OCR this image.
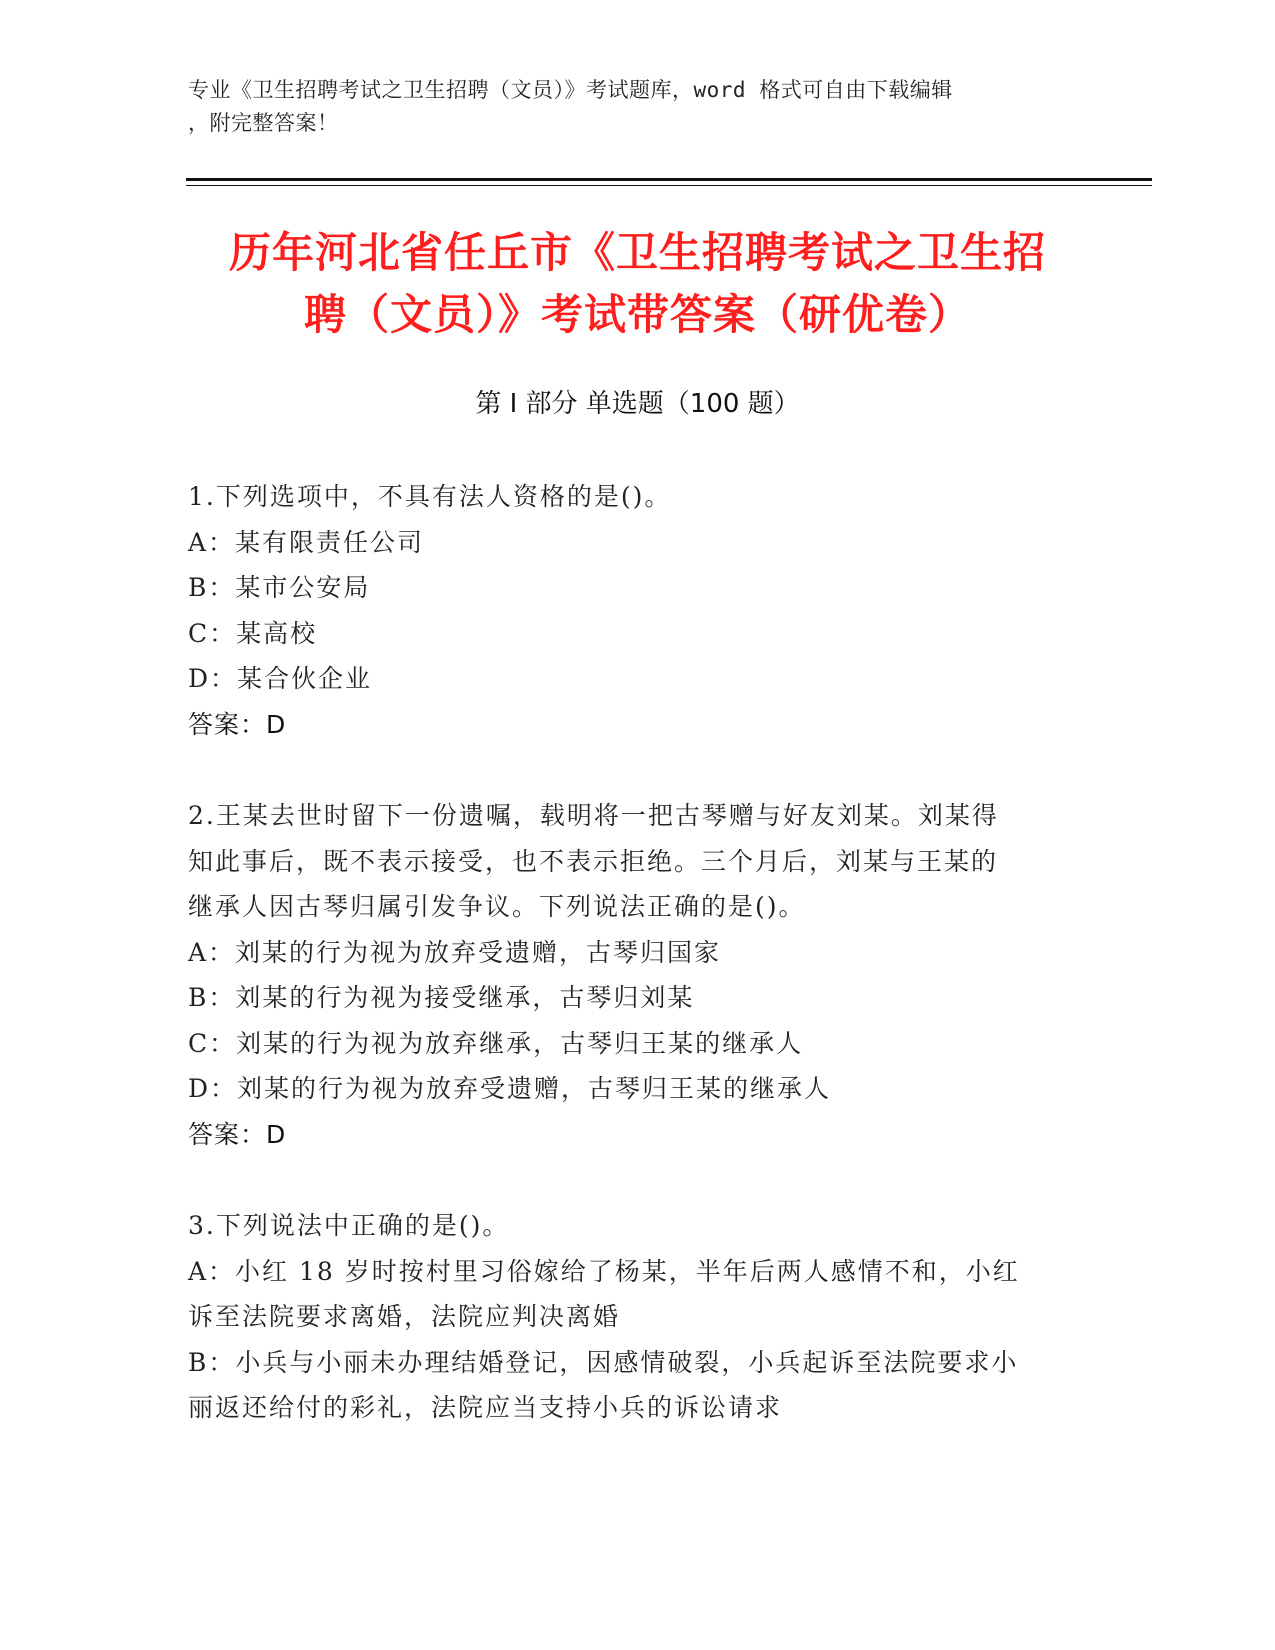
专业《卫生招聘考试之卫生招聘（文员）》考试题库，word 格式可自由下载编辑
，附完整答案！
历年河北省任丘市《卫生招聘考试之卫生招
聘（文员）》考试带答案（研优卷）
第 I 部分 单选题（100 题）
1.下列选项中，不具有法人资格的是()。
A：某有限责任公司
B：某市公安局
C：某高校
D：某合伙企业
答案：D
2.王某去世时留下一份遗嘱，载明将一把古琴赠与好友刘某。刘某得
知此事后，既不表示接受，也不表示拒绝。三个月后，刘某与王某的
继承人因古琴归属引发争议。下列说法正确的是()。
A：刘某的行为视为放弃受遗赠，古琴归国家
B：刘某的行为视为接受继承，古琴归刘某
C：刘某的行为视为放弃继承，古琴归王某的继承人
D：刘某的行为视为放弃受遗赠，古琴归王某的继承人
答案：D
3.下列说法中正确的是()。
A：小红 18 岁时按村里习俗嫁给了杨某，半年后两人感情不和，小红
诉至法院要求离婚，法院应判决离婚
B：小兵与小丽未办理结婚登记，因感情破裂，小兵起诉至法院要求小
丽返还给付的彩礼，法院应当支持小兵的诉讼请求
